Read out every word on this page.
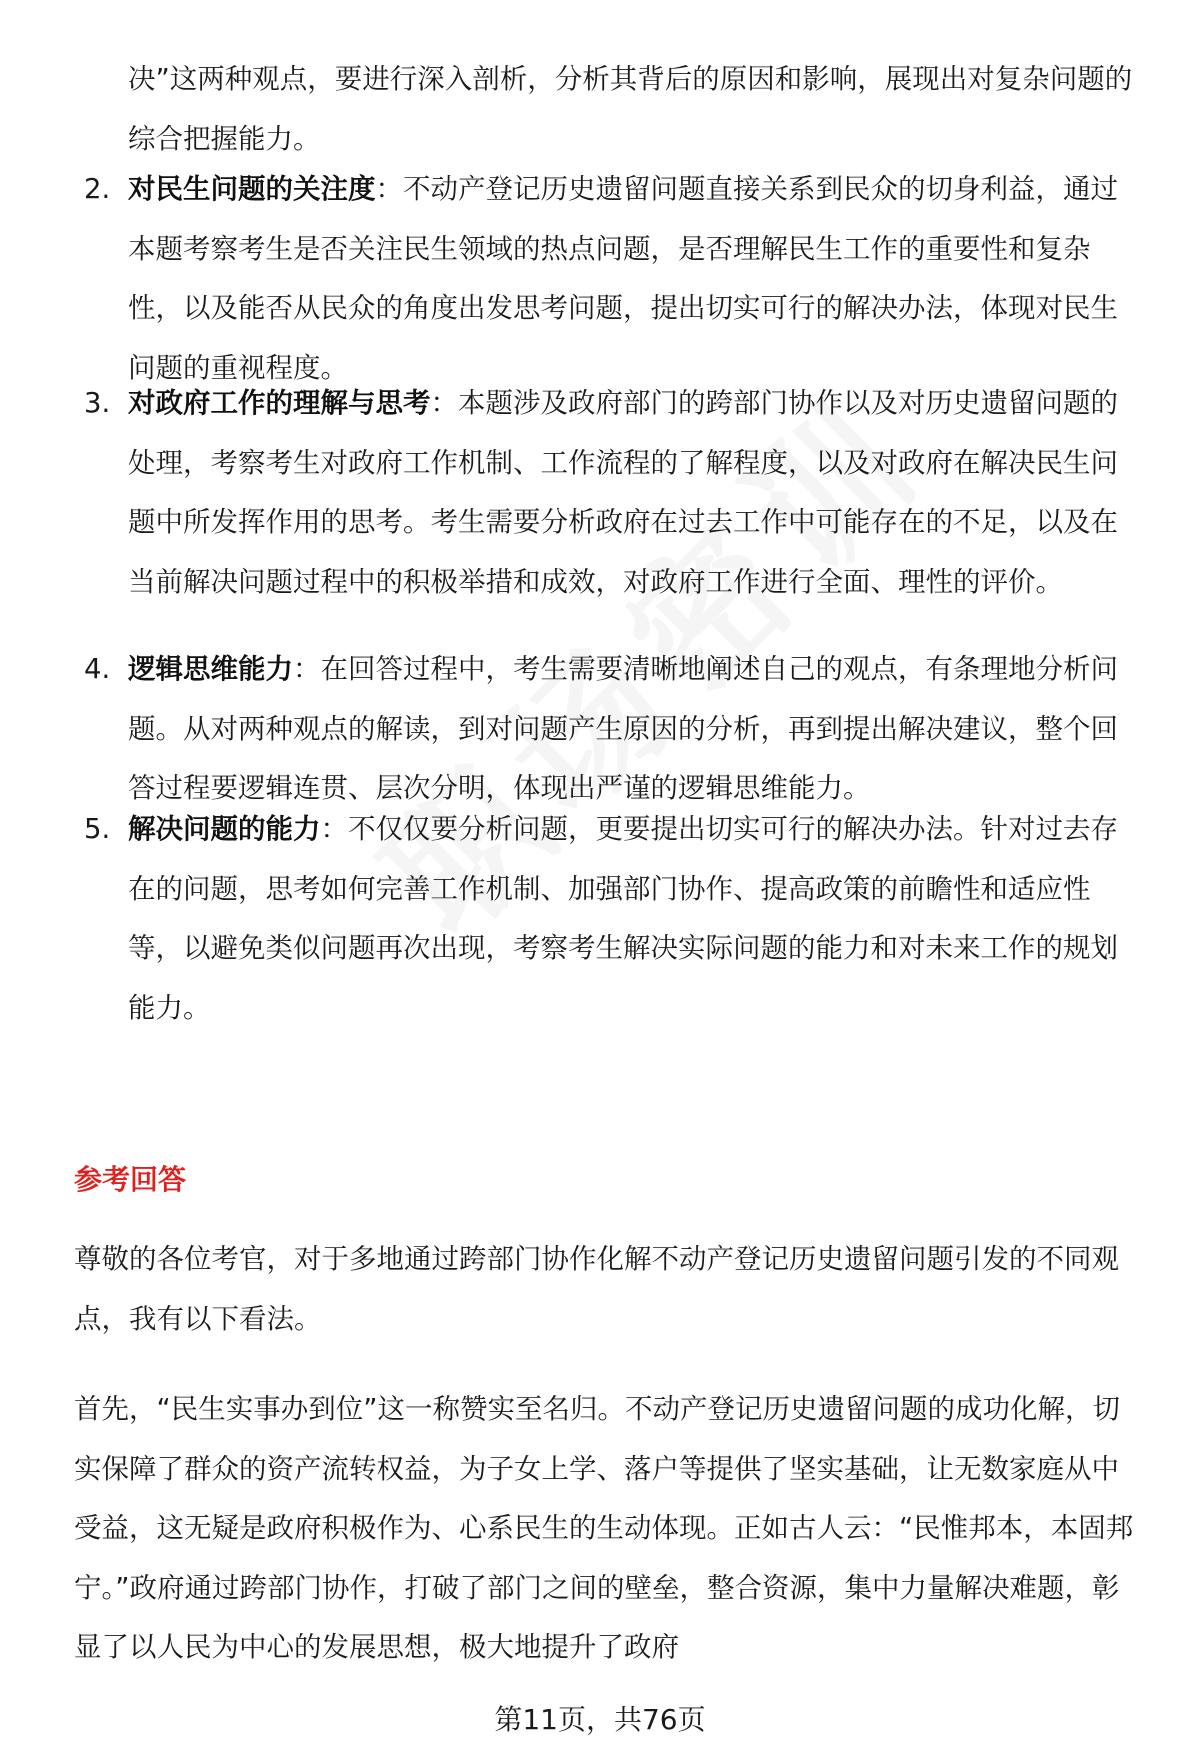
决”这两种观点，要进行深入剖析，分析其背后的原因和影响，展现出对复杂问题的综合把握能力。
2. 对民生问题的关注度：不动产登记历史遗留问题直接关系到民众的切身利益，通过本题考察考生是否关注民生领域的热点问题，是否理解民生工作的重要性和复杂性，以及能否从民众的角度出发思考问题，提出切实可行的解决办法，体现对民生问题的重视程度。
3. 对政府工作的理解与思考：本题涉及政府部门的跨部门协作以及对历史遗留问题的处理，考察考生对政府工作机制、工作流程的了解程度，以及对政府在解决民生问题中所发挥作用的思考。考生需要分析政府在过去工作中可能存在的不足，以及在当前解决问题过程中的积极举措和成效，对政府工作进行全面、理性的评价。
4. 逻辑思维能力：在回答过程中，考生需要清晰地阐述自己的观点，有条理地分析问题。从对两种观点的解读，到对问题产生原因的分析，再到提出解决建议，整个回答过程要逻辑连贯、层次分明，体现出严谨的逻辑思维能力。
5. 解决问题的能力：不仅仅要分析问题，更要提出切实可行的解决办法。针对过去存在的问题，思考如何完善工作机制、加强部门协作、提高政策的前瞻性和适应性等，以避免类似问题再次出现，考察考生解决实际问题的能力和对未来工作的规划能力。
参考回答
尊敬的各位考官，对于多地通过跨部门协作化解不动产登记历史遗留问题引发的不同观点，我有以下看法。
首先，“民生实事办到位”这一称赞实至名归。不动产登记历史遗留问题的成功化解，切实保障了群众的资产流转权益，为子女上学、落户等提供了坚实基础，让无数家庭从中受益，这无疑是政府积极作为、心系民生的生动体现。正如古人云：“民惟邦本，本固邦宁。”政府通过跨部门协作，打破了部门之间的壁垒，整合资源，集中力量解决难题，彰显了以人民为中心的发展思想，极大地提升了政府
第11页，共76页
